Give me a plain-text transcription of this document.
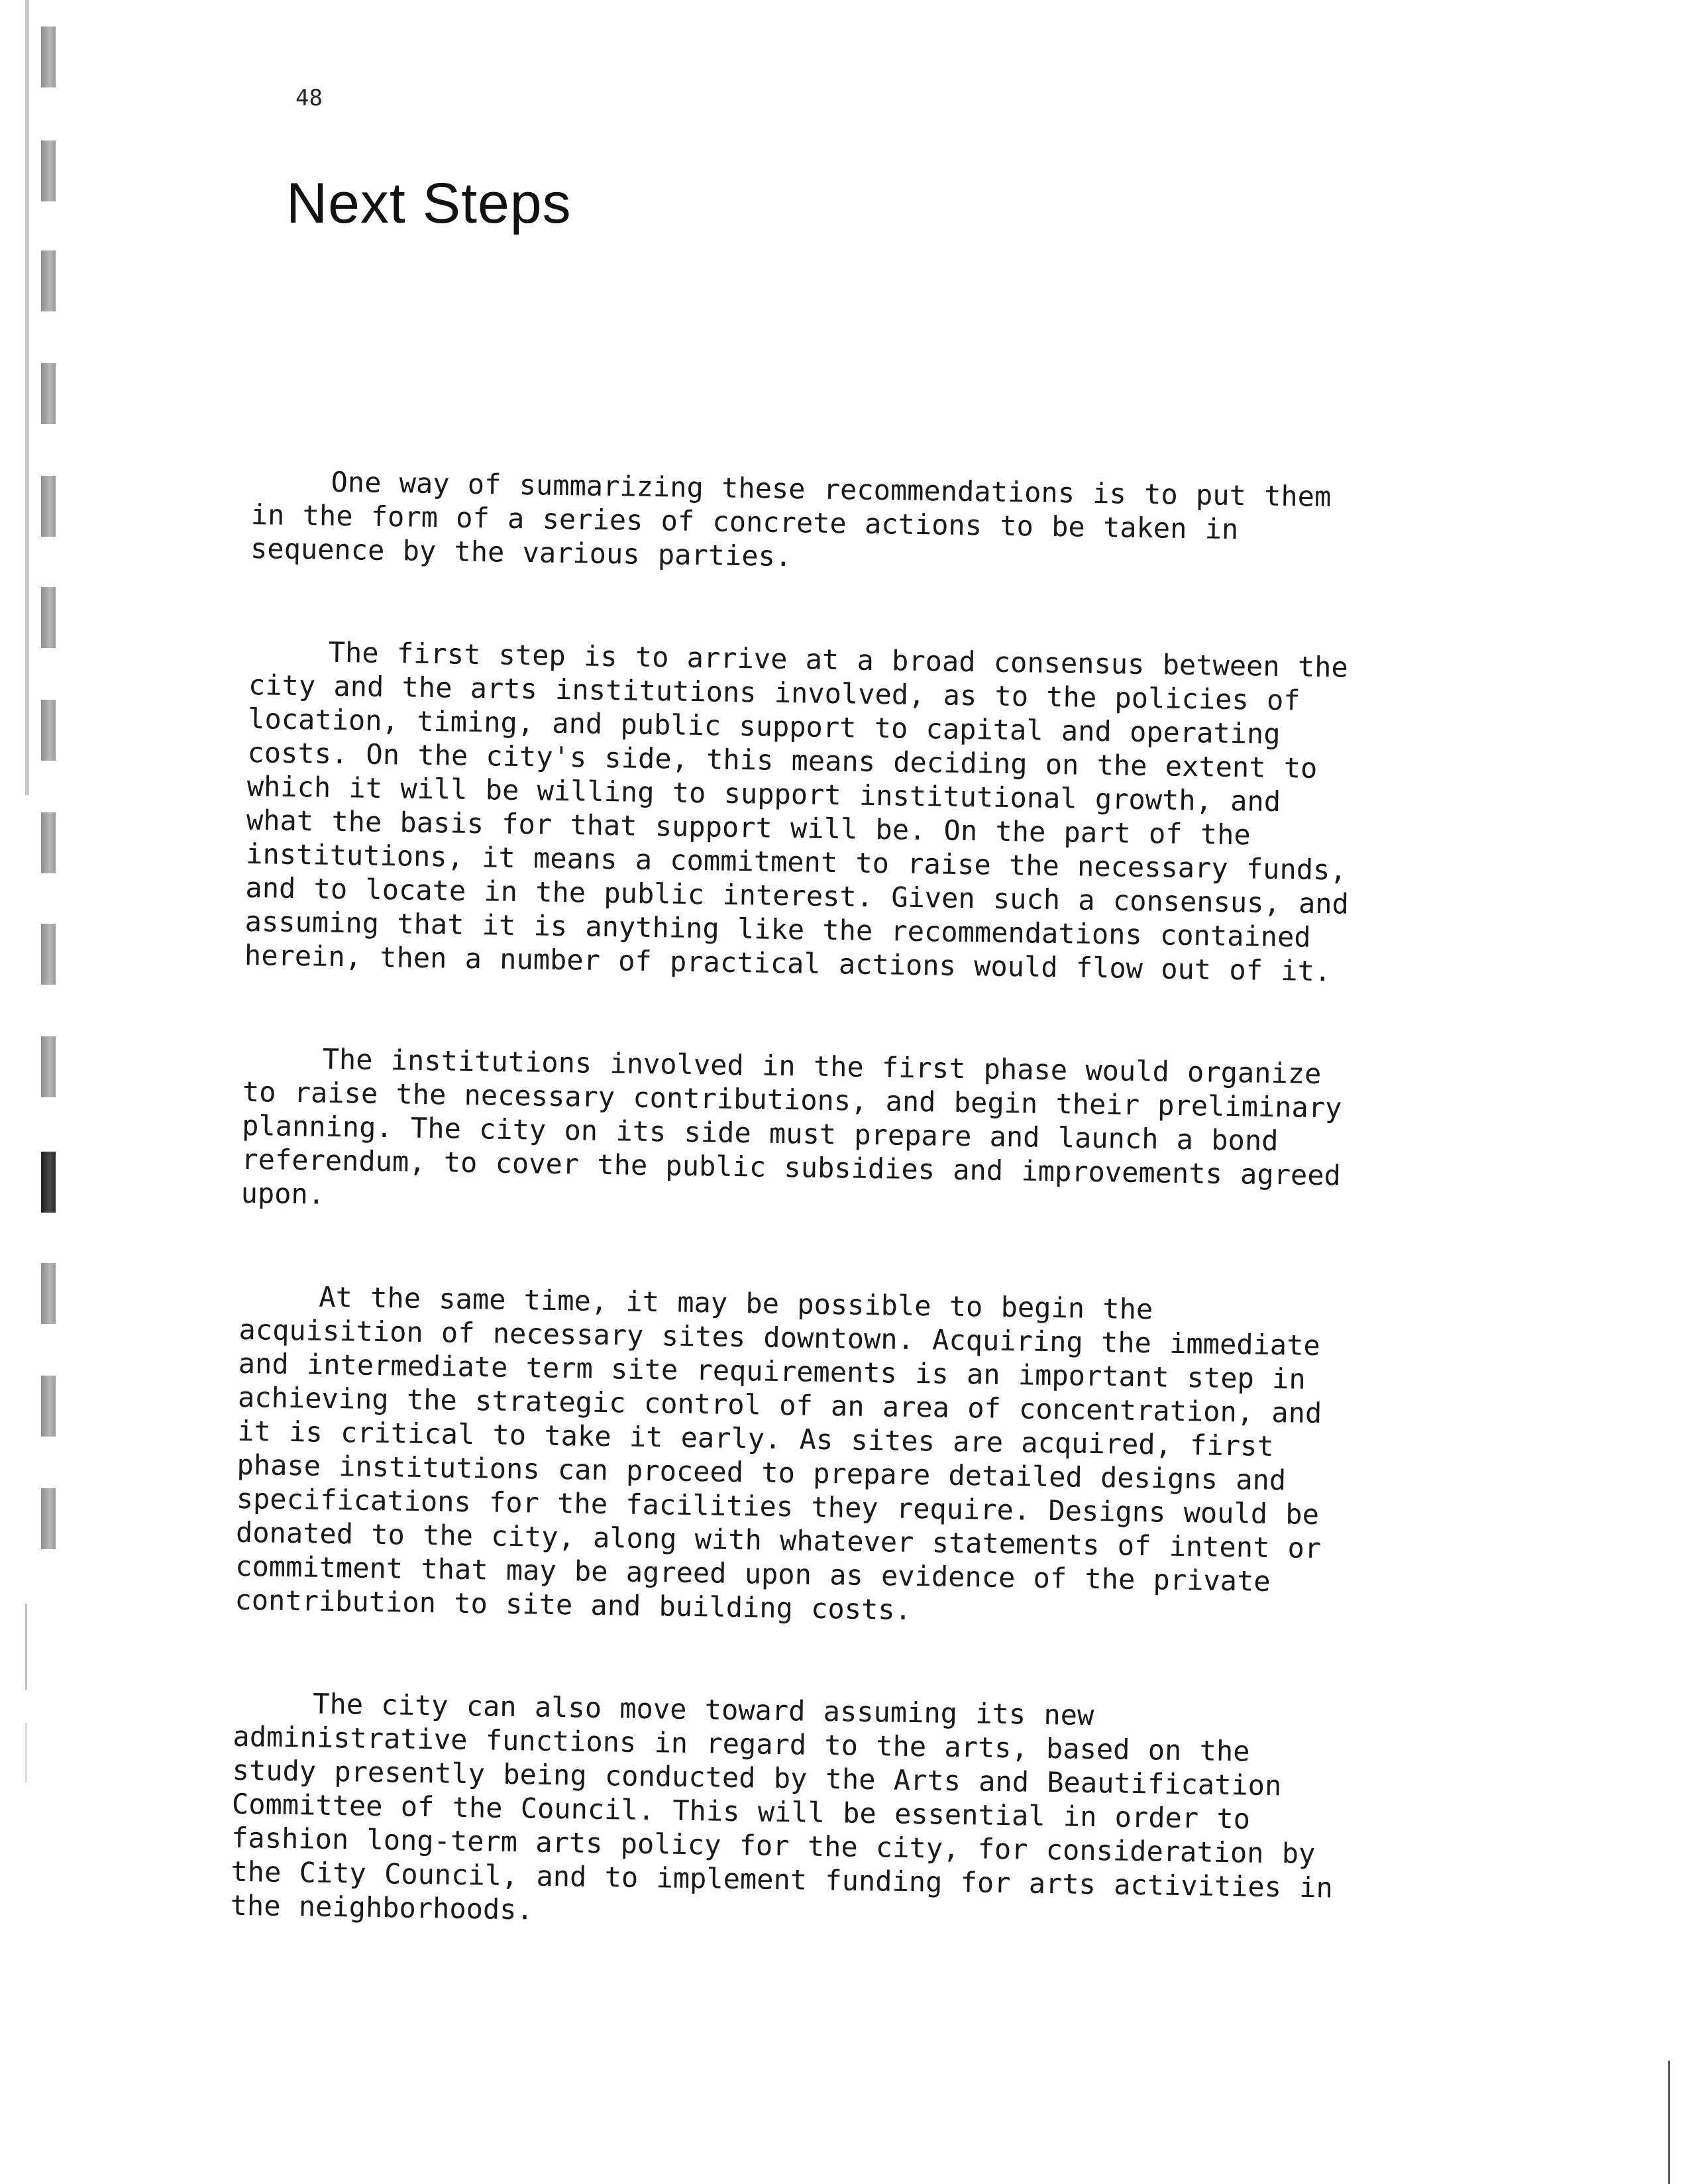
48

Next Steps

One way of summarizing these recommendations is to put them in the form of a series of concrete actions to be taken in sequence by the various parties.

The first step is to arrive at a broad consensus between the city and the arts institutions involved, as to the policies of location, timing, and public support to capital and operating costs. On the city's side, this means deciding on the extent to which it will be willing to support institutional growth, and what the basis for that support will be. On the part of the institutions, it means a commitment to raise the necessary funds, and to locate in the public interest. Given such a consensus, and assuming that it is anything like the recommendations contained herein, then a number of practical actions would flow out of it.

The institutions involved in the first phase would organize to raise the necessary contributions, and begin their preliminary planning. The city on its side must prepare and launch a bond referendum, to cover the public subsidies and improvements agreed upon.

At the same time, it may be possible to begin the acquisition of necessary sites downtown. Acquiring the immediate and intermediate term site requirements is an important step in achieving the strategic control of an area of concentration, and it is critical to take it early. As sites are acquired, first phase institutions can proceed to prepare detailed designs and specifications for the facilities they require. Designs would be donated to the city, along with whatever statements of intent or commitment that may be agreed upon as evidence of the private contribution to site and building costs.

The city can also move toward assuming its new administrative functions in regard to the arts, based on the study presently being conducted by the Arts and Beautification Committee of the Council. This will be essential in order to fashion long-term arts policy for the city, for consideration by the City Council, and to implement funding for arts activities in the neighborhoods.
